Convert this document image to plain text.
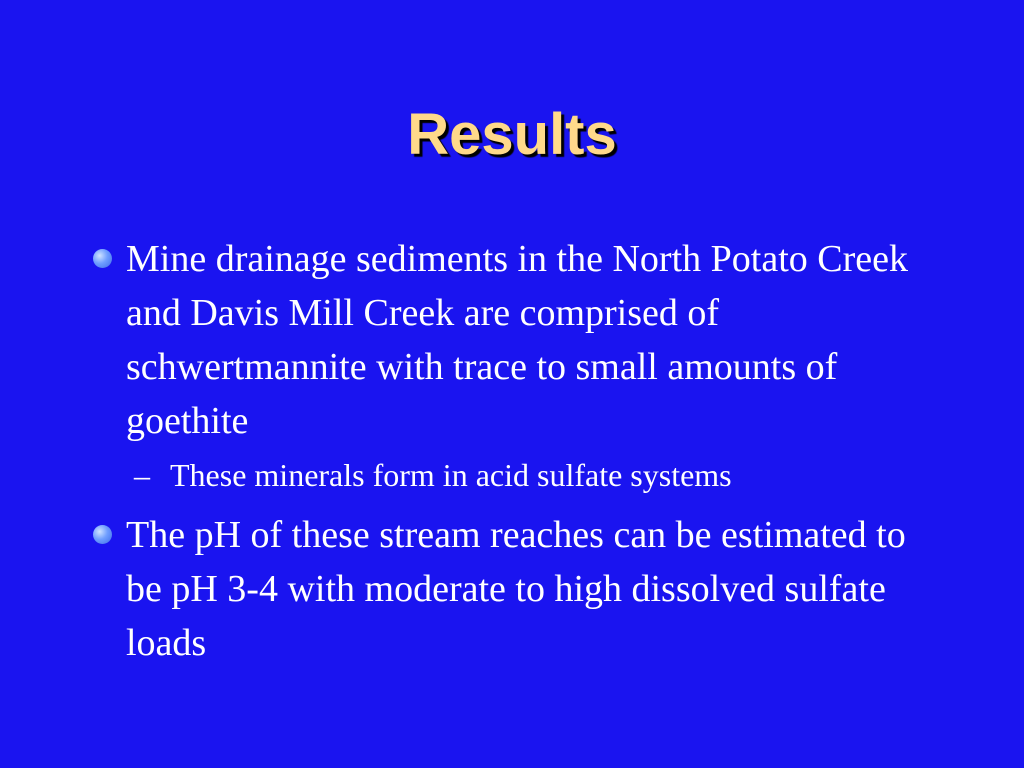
Results
Mine drainage sediments in the North Potato Creek and Davis Mill Creek are comprised of schwertmannite with trace to small amounts of goethite
– These minerals form in acid sulfate systems
The pH of these stream reaches can be estimated to be pH 3-4 with moderate to high dissolved sulfate loads
